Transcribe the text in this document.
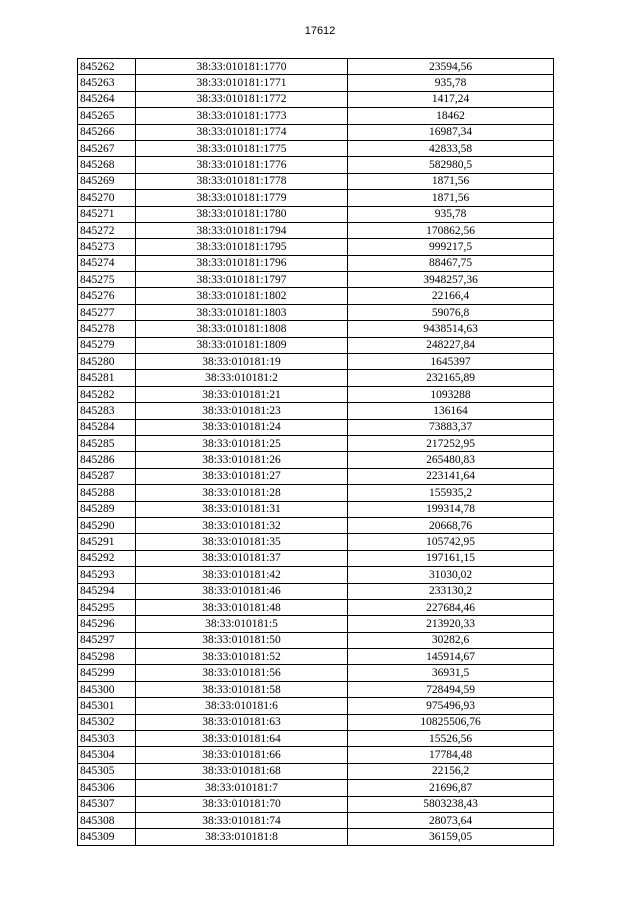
17612
845262	38:33:010181:1770	23594,56
845263	38:33:010181:1771	935,78
845264	38:33:010181:1772	1417,24
845265	38:33:010181:1773	18462
845266	38:33:010181:1774	16987,34
845267	38:33:010181:1775	42833,58
845268	38:33:010181:1776	582980,5
845269	38:33:010181:1778	1871,56
845270	38:33:010181:1779	1871,56
845271	38:33:010181:1780	935,78
845272	38:33:010181:1794	170862,56
845273	38:33:010181:1795	999217,5
845274	38:33:010181:1796	88467,75
845275	38:33:010181:1797	3948257,36
845276	38:33:010181:1802	22166,4
845277	38:33:010181:1803	59076,8
845278	38:33:010181:1808	9438514,63
845279	38:33:010181:1809	248227,84
845280	38:33:010181:19	1645397
845281	38:33:010181:2	232165,89
845282	38:33:010181:21	1093288
845283	38:33:010181:23	136164
845284	38:33:010181:24	73883,37
845285	38:33:010181:25	217252,95
845286	38:33:010181:26	265480,83
845287	38:33:010181:27	223141,64
845288	38:33:010181:28	155935,2
845289	38:33:010181:31	199314,78
845290	38:33:010181:32	20668,76
845291	38:33:010181:35	105742,95
845292	38:33:010181:37	197161,15
845293	38:33:010181:42	31030,02
845294	38:33:010181:46	233130,2
845295	38:33:010181:48	227684,46
845296	38:33:010181:5	213920,33
845297	38:33:010181:50	30282,6
845298	38:33:010181:52	145914,67
845299	38:33:010181:56	36931,5
845300	38:33:010181:58	728494,59
845301	38:33:010181:6	975496,93
845302	38:33:010181:63	10825506,76
845303	38:33:010181:64	15526,56
845304	38:33:010181:66	17784,48
845305	38:33:010181:68	22156,2
845306	38:33:010181:7	21696,87
845307	38:33:010181:70	5803238,43
845308	38:33:010181:74	28073,64
845309	38:33:010181:8	36159,05
